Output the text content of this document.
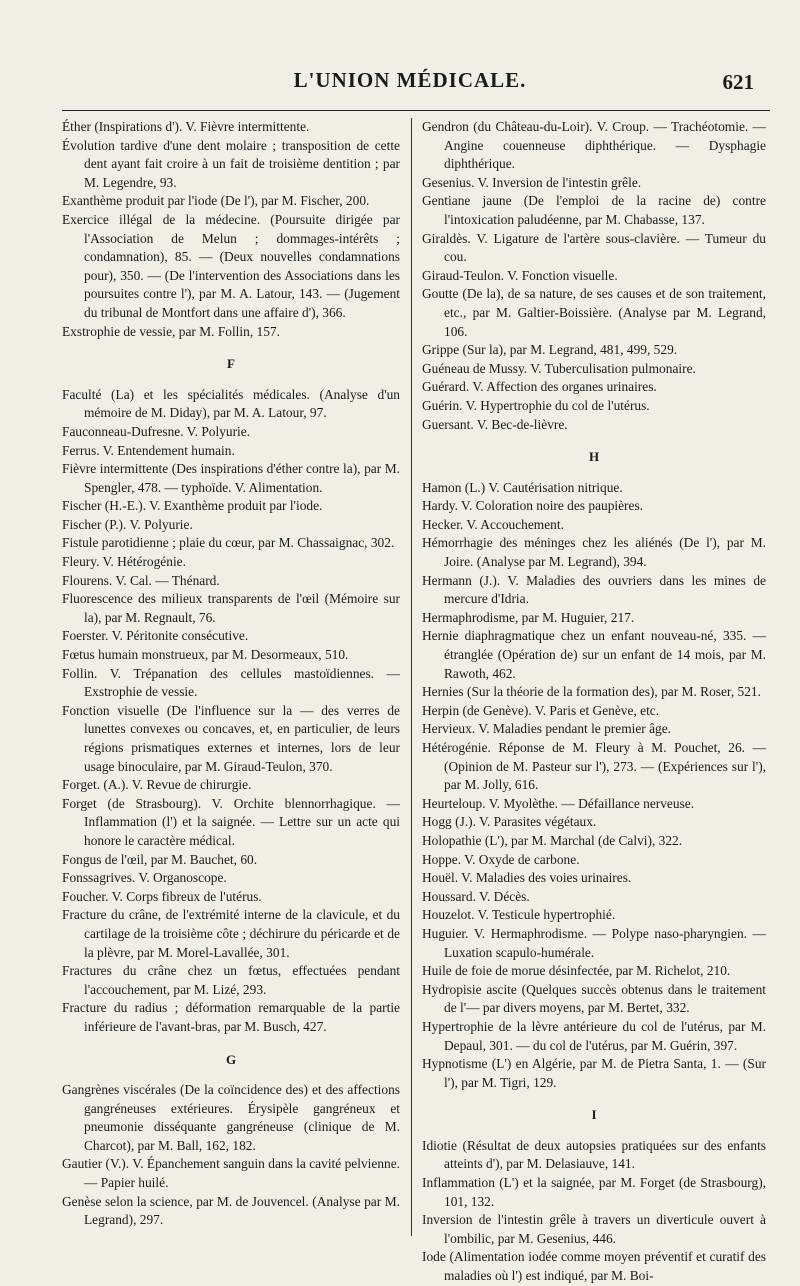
L'UNION MÉDICALE.	621

Éther (Inspirations d'). V. Fièvre intermittente.

Évolution tardive d'une dent molaire ; transposition de cette dent ayant fait croire à un fait de troisième dentition ; par M. Legendre, 93.

Exanthème produit par l'iode (De l'), par M. Fischer, 200.

Exercice illégal de la médecine. (Poursuite dirigée par l'Association de Melun ; dommages-intérêts ; condamnation), 85. — (Deux nouvelles condamnations pour), 350. — (De l'intervention des Associations dans les poursuites contre l'), par M. A. Latour, 143. — (Jugement du tribunal de Montfort dans une affaire d'), 366.

Exstrophie de vessie, par M. Follin, 157.

F

Faculté (La) et les spécialités médicales. (Analyse d'un mémoire de M. Diday), par M. A. Latour, 97.

Fauconneau-Dufresne. V. Polyurie.

Ferrus. V. Entendement humain.

Fièvre intermittente (Des inspirations d'éther contre la), par M. Spengler, 478. — typhoïde. V. Alimentation.

Fischer (H.-E.). V. Exanthème produit par l'iode.

Fischer (P.). V. Polyurie.

Fistule parotidienne ; plaie du cœur, par M. Chassaignac, 302.

Fleury. V. Hétérogénie.

Flourens. V. Cal. — Thénard.

Fluorescence des milieux transparents de l'œil (Mémoire sur la), par M. Regnault, 76.

Foerster. V. Péritonite consécutive.

Fœtus humain monstrueux, par M. Desormeaux, 510.

Follin. V. Trépanation des cellules mastoïdiennes. — Exstrophie de vessie.

Fonction visuelle (De l'influence sur la — des verres de lunettes convexes ou concaves, et, en particulier, de leurs régions prismatiques externes et internes, lors de leur usage binoculaire, par M. Giraud-Teulon, 370.

Forget. (A.). V. Revue de chirurgie.

Forget (de Strasbourg). V. Orchite blennorrhagique. — Inflammation (l') et la saignée. — Lettre sur un acte qui honore le caractère médical.

Fongus de l'œil, par M. Bauchet, 60.

Fonssagrives. V. Organoscope.

Foucher. V. Corps fibreux de l'utérus.

Fracture du crâne, de l'extrémité interne de la clavicule, et du cartilage de la troisième côte ; déchirure du péricarde et de la plèvre, par M. Morel-Lavallée, 301.

Fractures du crâne chez un fœtus, effectuées pendant l'accouchement, par M. Lizé, 293.

Fracture du radius ; déformation remarquable de la partie inférieure de l'avant-bras, par M. Busch, 427.

G

Gangrènes viscérales (De la coïncidence des) et des affections gangréneuses extérieures. Érysipèle gangréneux et pneumonie disséquante gangréneuse (clinique de M. Charcot), par M. Ball, 162, 182.

Gautier (V.). V. Épanchement sanguin dans la cavité pelvienne. — Papier huilé.

Genèse selon la science, par M. de Jouvencel. (Analyse par M. Legrand), 297.

Gendron (du Château-du-Loir). V. Croup. — Trachéotomie. — Angine couenneuse diphthérique. — Dysphagie diphthérique.

Gesenius. V. Inversion de l'intestin grêle.

Gentiane jaune (De l'emploi de la racine de) contre l'intoxication paludéenne, par M. Chabasse, 137.

Giraldès. V. Ligature de l'artère sous-clavière. — Tumeur du cou.

Giraud-Teulon. V. Fonction visuelle.

Goutte (De la), de sa nature, de ses causes et de son traitement, etc., par M. Galtier-Boissière. (Analyse par M. Legrand, 106.

Grippe (Sur la), par M. Legrand, 481, 499, 529.

Guéneau de Mussy. V. Tuberculisation pulmonaire.

Guérard. V. Affection des organes urinaires.

Guérin. V. Hypertrophie du col de l'utérus.

Guersant. V. Bec-de-lièvre.

H

Hamon (L.) V. Cautérisation nitrique.

Hardy. V. Coloration noire des paupières.

Hecker. V. Accouchement.

Hémorrhagie des méninges chez les aliénés (De l'), par M. Joire. (Analyse par M. Legrand), 394.

Hermann (J.). V. Maladies des ouvriers dans les mines de mercure d'Idria.

Hermaphrodisme, par M. Huguier, 217.

Hernie diaphragmatique chez un enfant nouveau-né, 335. — étranglée (Opération de) sur un enfant de 14 mois, par M. Rawoth, 462.

Hernies (Sur la théorie de la formation des), par M. Roser, 521.

Herpin (de Genève). V. Paris et Genève, etc.

Hervieux. V. Maladies pendant le premier âge.

Hétérogénie. Réponse de M. Fleury à M. Pouchet, 26. — (Opinion de M. Pasteur sur l'), 273. — (Expériences sur l'), par M. Jolly, 616.

Heurteloup. V. Myolèthe. — Défaillance nerveuse.

Hogg (J.). V. Parasites végétaux.

Holopathie (L'), par M. Marchal (de Calvi), 322.

Hoppe. V. Oxyde de carbone.

Houël. V. Maladies des voies urinaires.

Houssard. V. Décès.

Houzelot. V. Testicule hypertrophié.

Huguier. V. Hermaphrodisme. — Polype naso-pharyngien. — Luxation scapulo-humérale.

Huile de foie de morue désinfectée, par M. Richelot, 210.

Hydropisie ascite (Quelques succès obtenus dans le traitement de l'— par divers moyens, par M. Bertet, 332.

Hypertrophie de la lèvre antérieure du col de l'utérus, par M. Depaul, 301. — du col de l'utérus, par M. Guérin, 397.

Hypnotisme (L') en Algérie, par M. de Pietra Santa, 1. — (Sur l'), par M. Tigri, 129.

I

Idiotie (Résultat de deux autopsies pratiquées sur des enfants atteints d'), par M. Delasiauve, 141.

Inflammation (L') et la saignée, par M. Forget (de Strasbourg), 101, 132.

Inversion de l'intestin grêle à travers un diverticule ouvert à l'ombilic, par M. Gesenius, 446.

Iode (Alimentation iodée comme moyen préventif et curatif des maladies où l') est indiqué, par M. Boi-
